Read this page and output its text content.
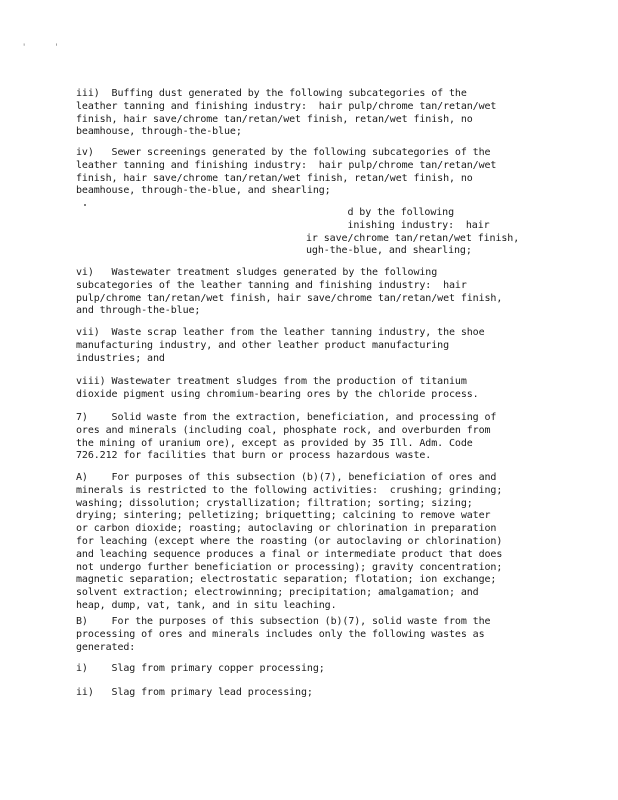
' '
iii)  Buffing dust generated by the following subcategories of the
leather tanning and finishing industry:  hair pulp/chrome tan/retan/wet
finish, hair save/chrome tan/retan/wet finish, retan/wet finish, no
beamhouse, through-the-blue;
iv)   Sewer screenings generated by the following subcategories of the
leather tanning and finishing industry:  hair pulp/chrome tan/retan/wet
finish, hair save/chrome tan/retan/wet finish, retan/wet finish, no
beamhouse, through-the-blue, and shearling;
d by the following
inishing industry:  hair
ir save/chrome tan/retan/wet finish,
ugh-the-blue, and shearling;
vi)   Wastewater treatment sludges generated by the following
subcategories of the leather tanning and finishing industry:  hair
pulp/chrome tan/retan/wet finish, hair save/chrome tan/retan/wet finish,
and through-the-blue;
vii)  Waste scrap leather from the leather tanning industry, the shoe
manufacturing industry, and other leather product manufacturing
industries; and
viii) Wastewater treatment sludges from the production of titanium
dioxide pigment using chromium-bearing ores by the chloride process.
7)    Solid waste from the extraction, beneficiation, and processing of
ores and minerals (including coal, phosphate rock, and overburden from
the mining of uranium ore), except as provided by 35 Ill. Adm. Code
726.212 for facilities that burn or process hazardous waste.
A)    For purposes of this subsection (b)(7), beneficiation of ores and
minerals is restricted to the following activities:  crushing; grinding;
washing; dissolution; crystallization; filtration; sorting; sizing;
drying; sintering; pelletizing; briquetting; calcining to remove water
or carbon dioxide; roasting; autoclaving or chlorination in preparation
for leaching (except where the roasting (or autoclaving or chlorination)
and leaching sequence produces a final or intermediate product that does
not undergo further beneficiation or processing); gravity concentration;
magnetic separation; electrostatic separation; flotation; ion exchange;
solvent extraction; electrowinning; precipitation; amalgamation; and
heap, dump, vat, tank, and in situ leaching.
B)    For the purposes of this subsection (b)(7), solid waste from the
processing of ores and minerals includes only the following wastes as
generated:
i)    Slag from primary copper processing;
ii)   Slag from primary lead processing;
